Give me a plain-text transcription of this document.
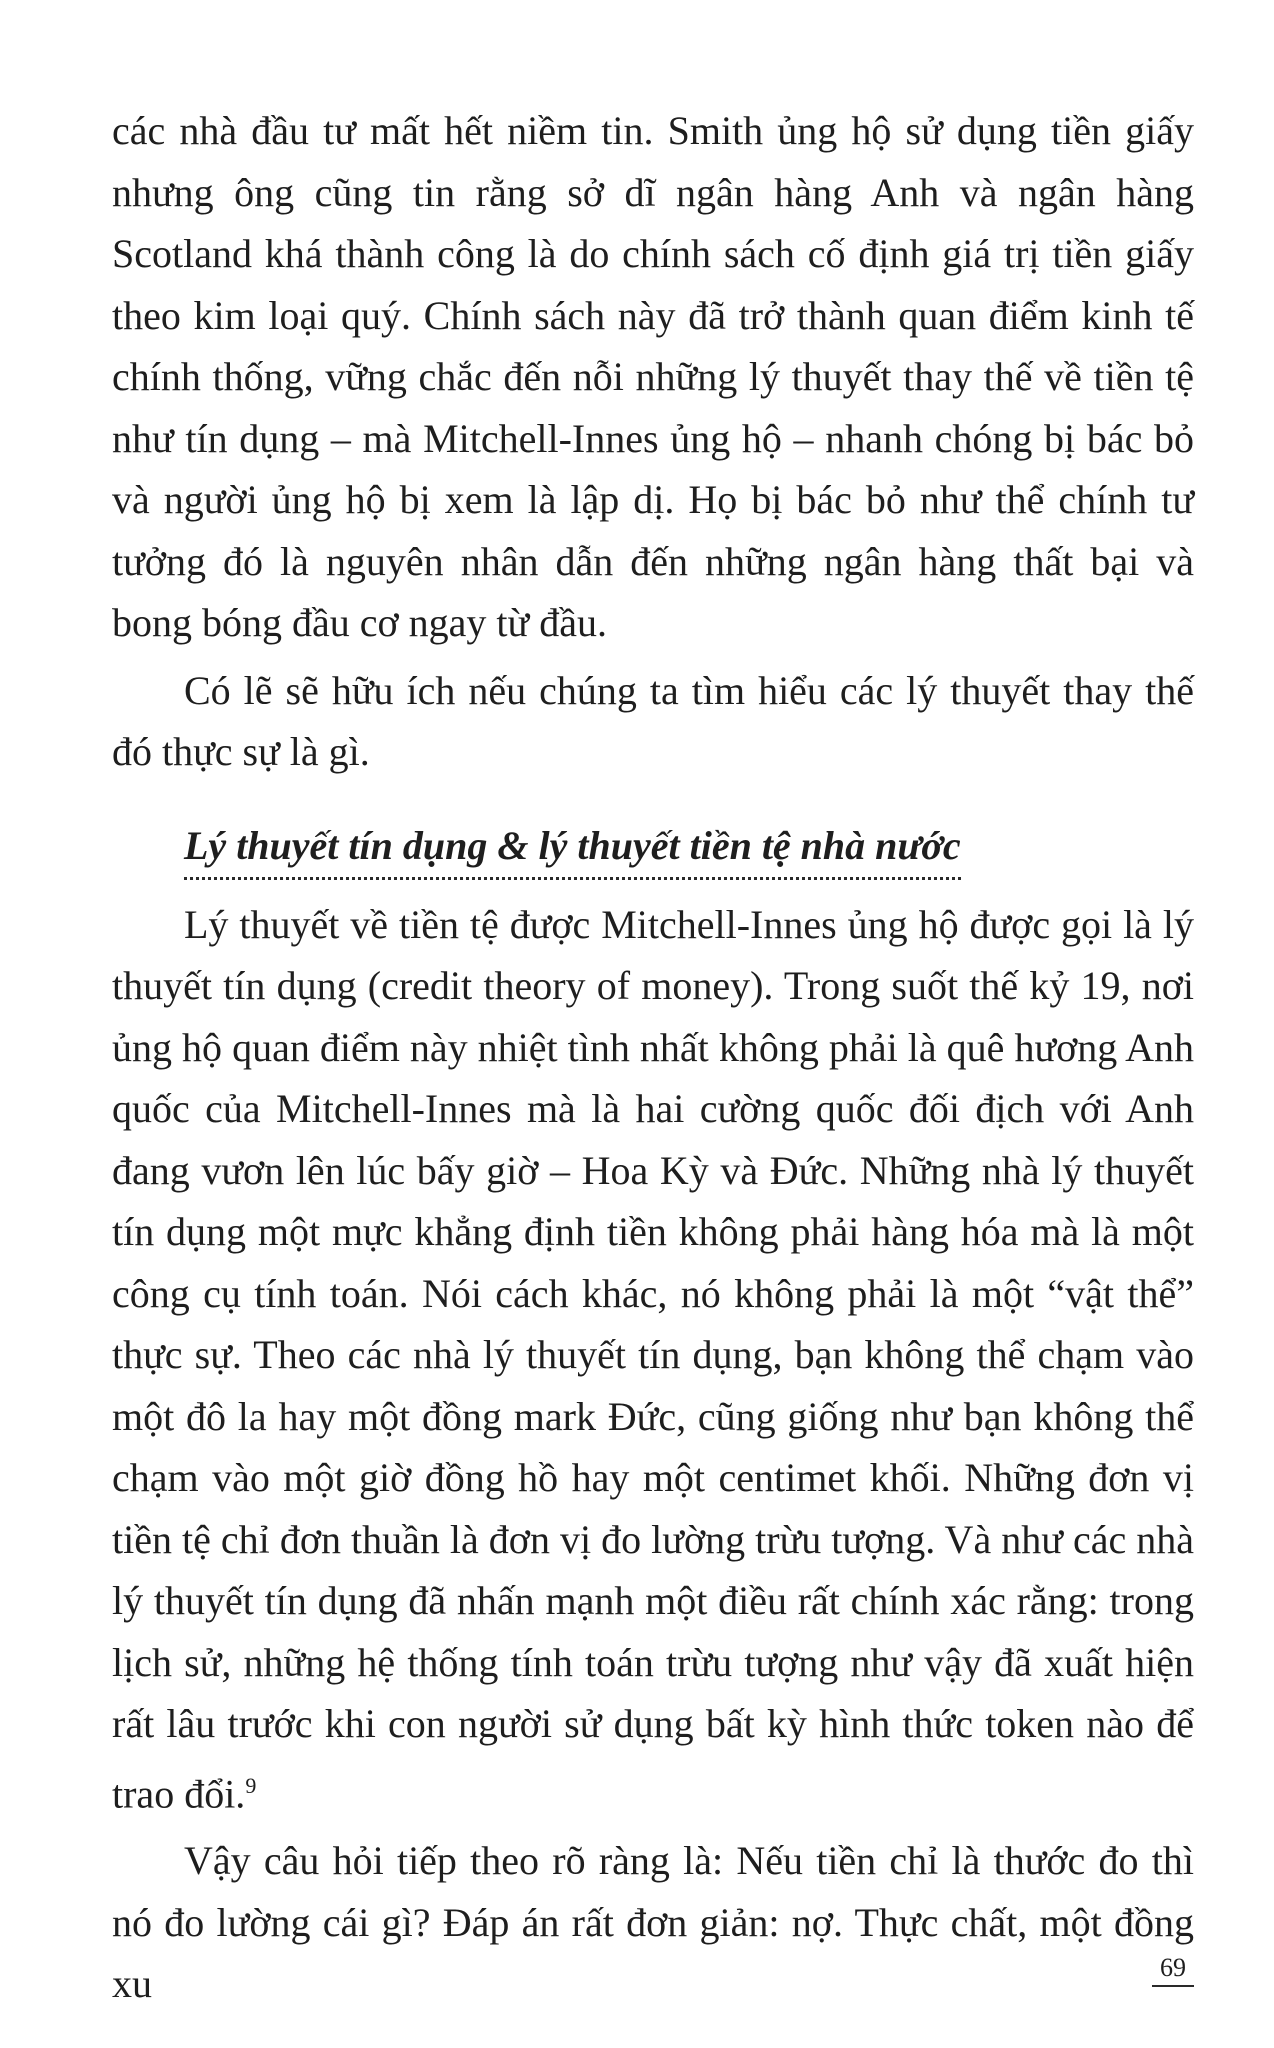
các nhà đầu tư mất hết niềm tin. Smith ủng hộ sử dụng tiền giấy nhưng ông cũng tin rằng sở dĩ ngân hàng Anh và ngân hàng Scotland khá thành công là do chính sách cố định giá trị tiền giấy theo kim loại quý. Chính sách này đã trở thành quan điểm kinh tế chính thống, vững chắc đến nỗi những lý thuyết thay thế về tiền tệ như tín dụng – mà Mitchell-Innes ủng hộ – nhanh chóng bị bác bỏ và người ủng hộ bị xem là lập dị. Họ bị bác bỏ như thể chính tư tưởng đó là nguyên nhân dẫn đến những ngân hàng thất bại và bong bóng đầu cơ ngay từ đầu.

Có lẽ sẽ hữu ích nếu chúng ta tìm hiểu các lý thuyết thay thế đó thực sự là gì.

Lý thuyết tín dụng & lý thuyết tiền tệ nhà nước

Lý thuyết về tiền tệ được Mitchell-Innes ủng hộ được gọi là lý thuyết tín dụng (credit theory of money). Trong suốt thế kỷ 19, nơi ủng hộ quan điểm này nhiệt tình nhất không phải là quê hương Anh quốc của Mitchell-Innes mà là hai cường quốc đối địch với Anh đang vươn lên lúc bấy giờ – Hoa Kỳ và Đức. Những nhà lý thuyết tín dụng một mực khẳng định tiền không phải hàng hóa mà là một công cụ tính toán. Nói cách khác, nó không phải là một “vật thể” thực sự. Theo các nhà lý thuyết tín dụng, bạn không thể chạm vào một đô la hay một đồng mark Đức, cũng giống như bạn không thể chạm vào một giờ đồng hồ hay một centimet khối. Những đơn vị tiền tệ chỉ đơn thuần là đơn vị đo lường trừu tượng. Và như các nhà lý thuyết tín dụng đã nhấn mạnh một điều rất chính xác rằng: trong lịch sử, những hệ thống tính toán trừu tượng như vậy đã xuất hiện rất lâu trước khi con người sử dụng bất kỳ hình thức token nào để trao đổi.$^9$

Vậy câu hỏi tiếp theo rõ ràng là: Nếu tiền chỉ là thước đo thì nó đo lường cái gì? Đáp án rất đơn giản: nợ. Thực chất, một đồng xu	69
